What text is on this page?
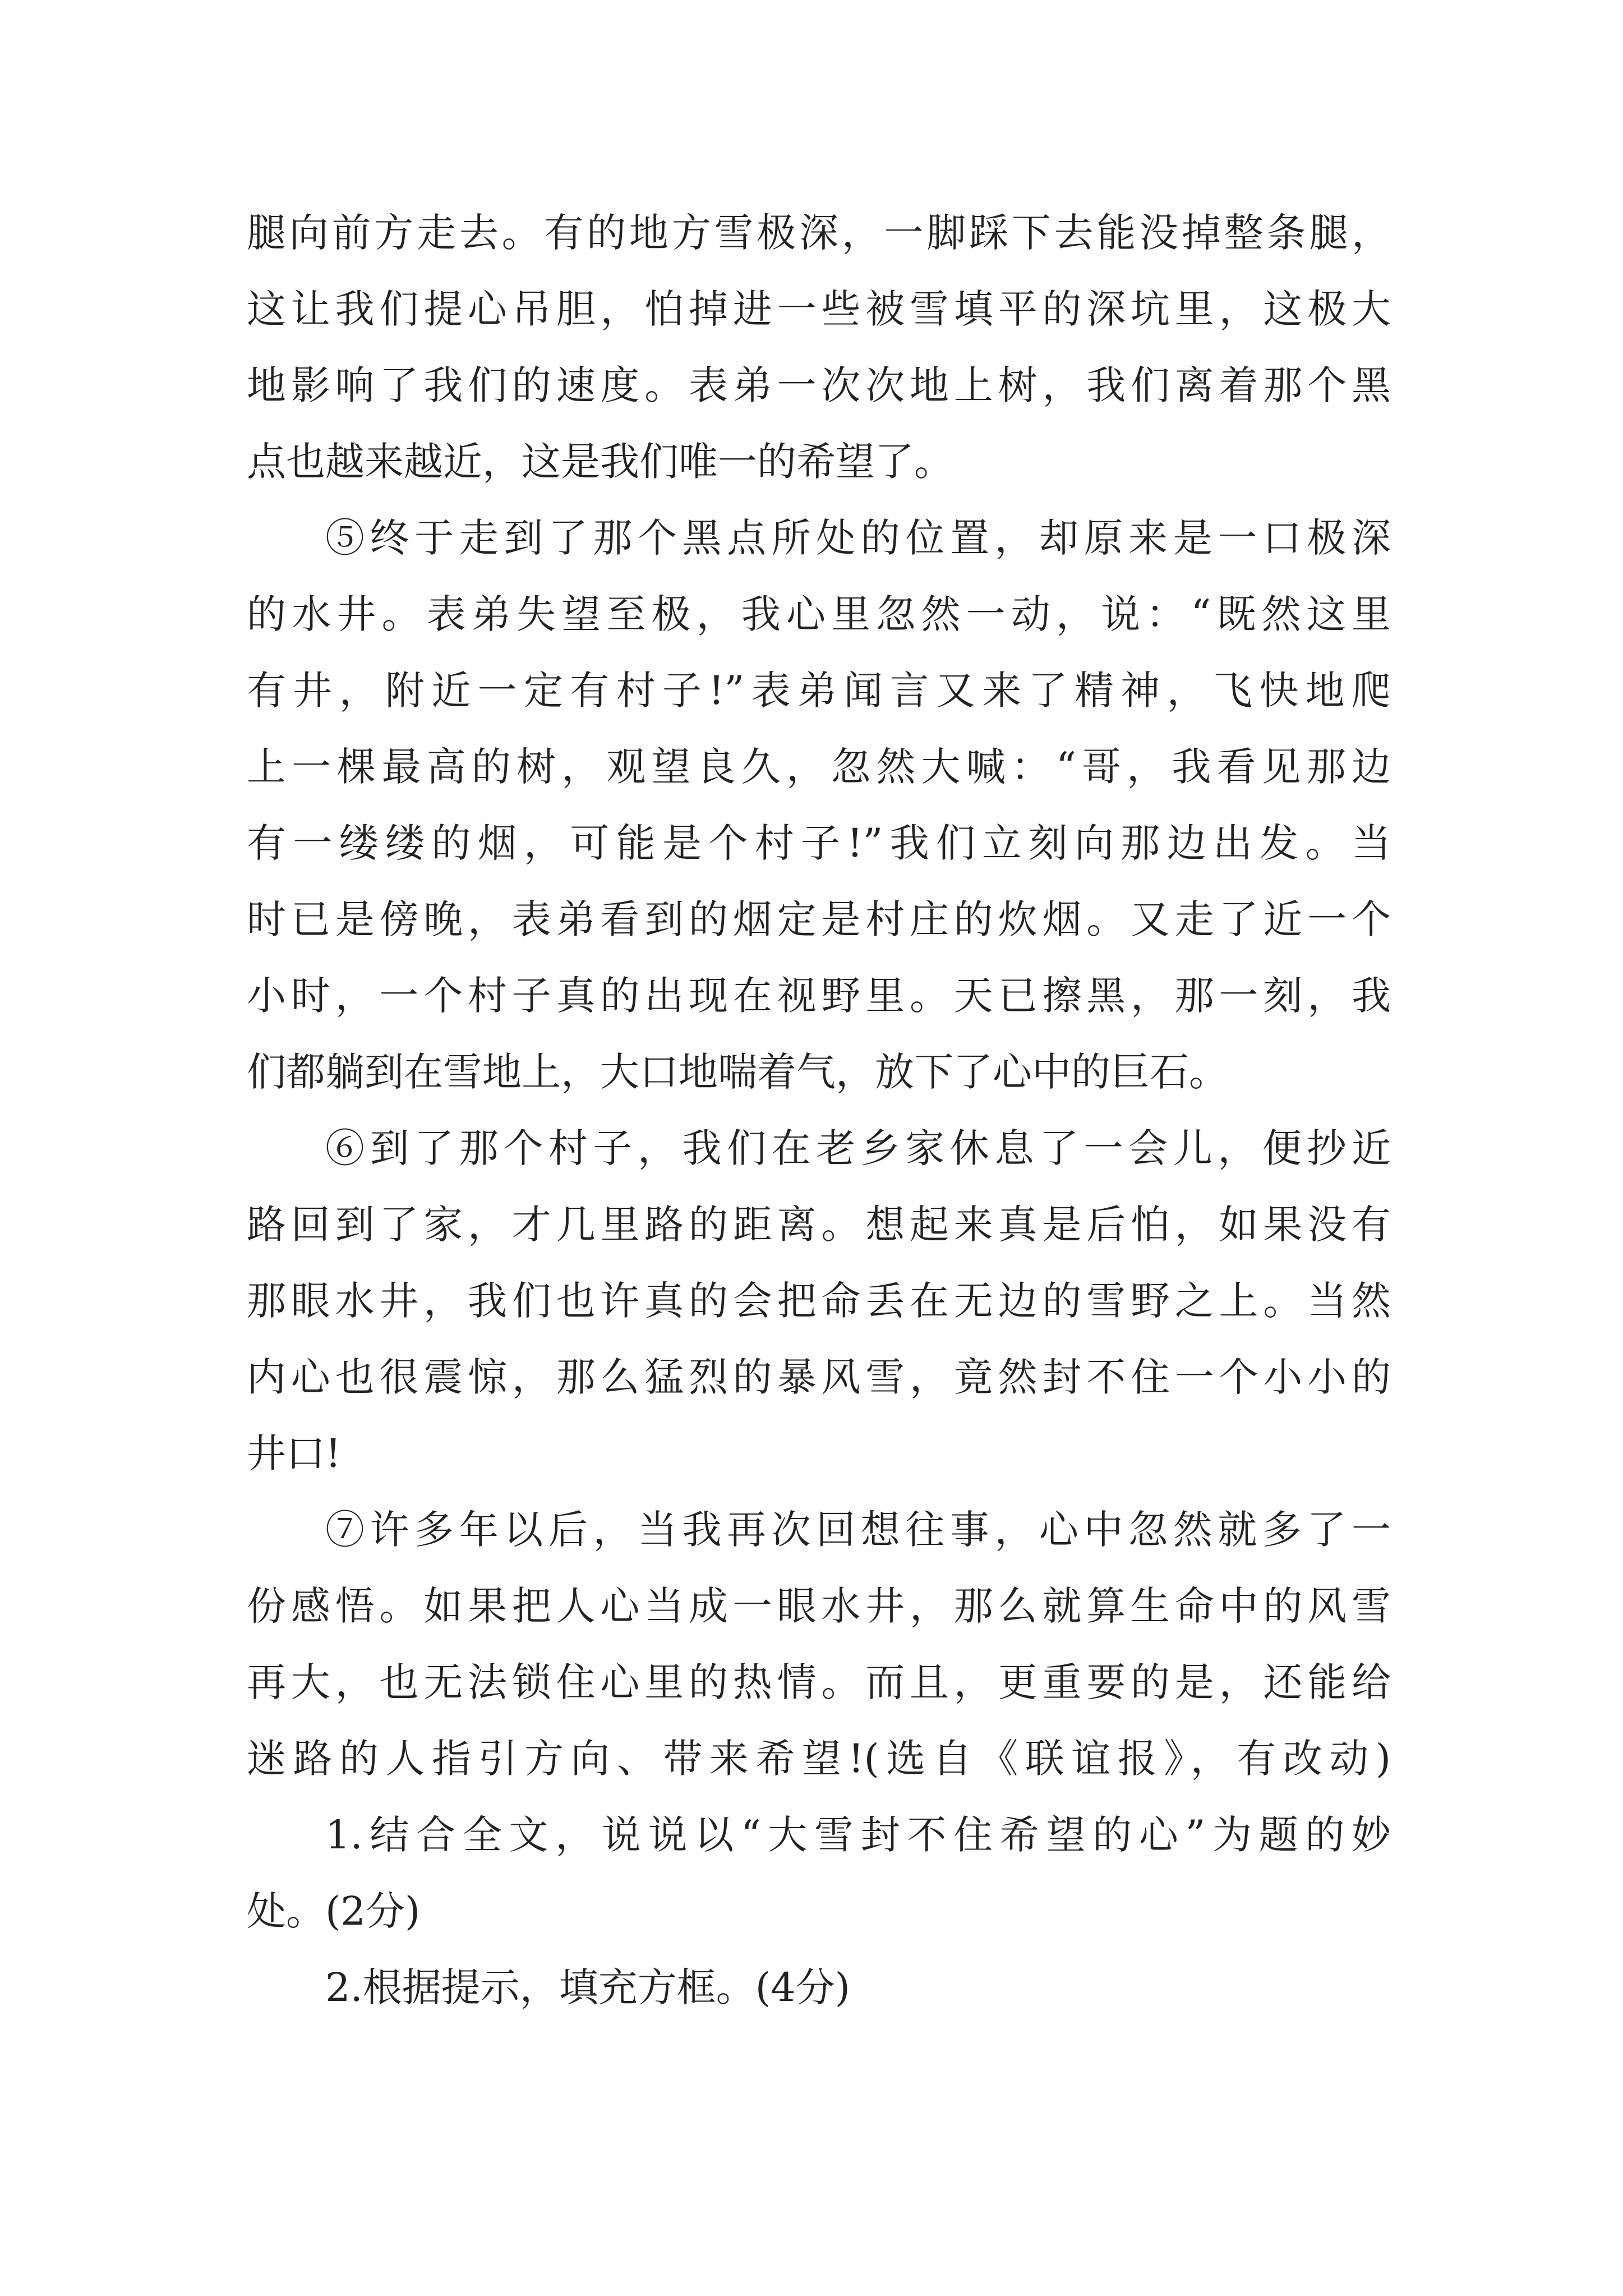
腿向前方走去。有的地方雪极深，一脚踩下去能没掉整条腿，
这让我们提心吊胆，怕掉进一些被雪填平的深坑里，这极大
地影响了我们的速度。表弟一次次地上树，我们离着那个黑
点也越来越近，这是我们唯一的希望了。
⑤终于走到了那个黑点所处的位置，却原来是一口极深
的水井。表弟失望至极，我心里忽然一动，说：“既然这里
有井，附近一定有村子!”表弟闻言又来了精神，飞快地爬
上一棵最高的树，观望良久，忽然大喊：“哥，我看见那边
有一缕缕的烟，可能是个村子!”我们立刻向那边出发。当
时已是傍晚，表弟看到的烟定是村庄的炊烟。又走了近一个
小时，一个村子真的出现在视野里。天已擦黑，那一刻，我
们都躺到在雪地上，大口地喘着气，放下了心中的巨石。
⑥到了那个村子，我们在老乡家休息了一会儿，便抄近
路回到了家，才几里路的距离。想起来真是后怕，如果没有
那眼水井，我们也许真的会把命丢在无边的雪野之上。当然
内心也很震惊，那么猛烈的暴风雪，竟然封不住一个小小的
井口!
⑦许多年以后，当我再次回想往事，心中忽然就多了一
份感悟。如果把人心当成一眼水井，那么就算生命中的风雪
再大，也无法锁住心里的热情。而且，更重要的是，还能给
迷路的人指引方向、带来希望!(选自《联谊报》，有改动)
1.结合全文，说说以“大雪封不住希望的心”为题的妙
处。(2分)
2.根据提示，填充方框。(4分)
